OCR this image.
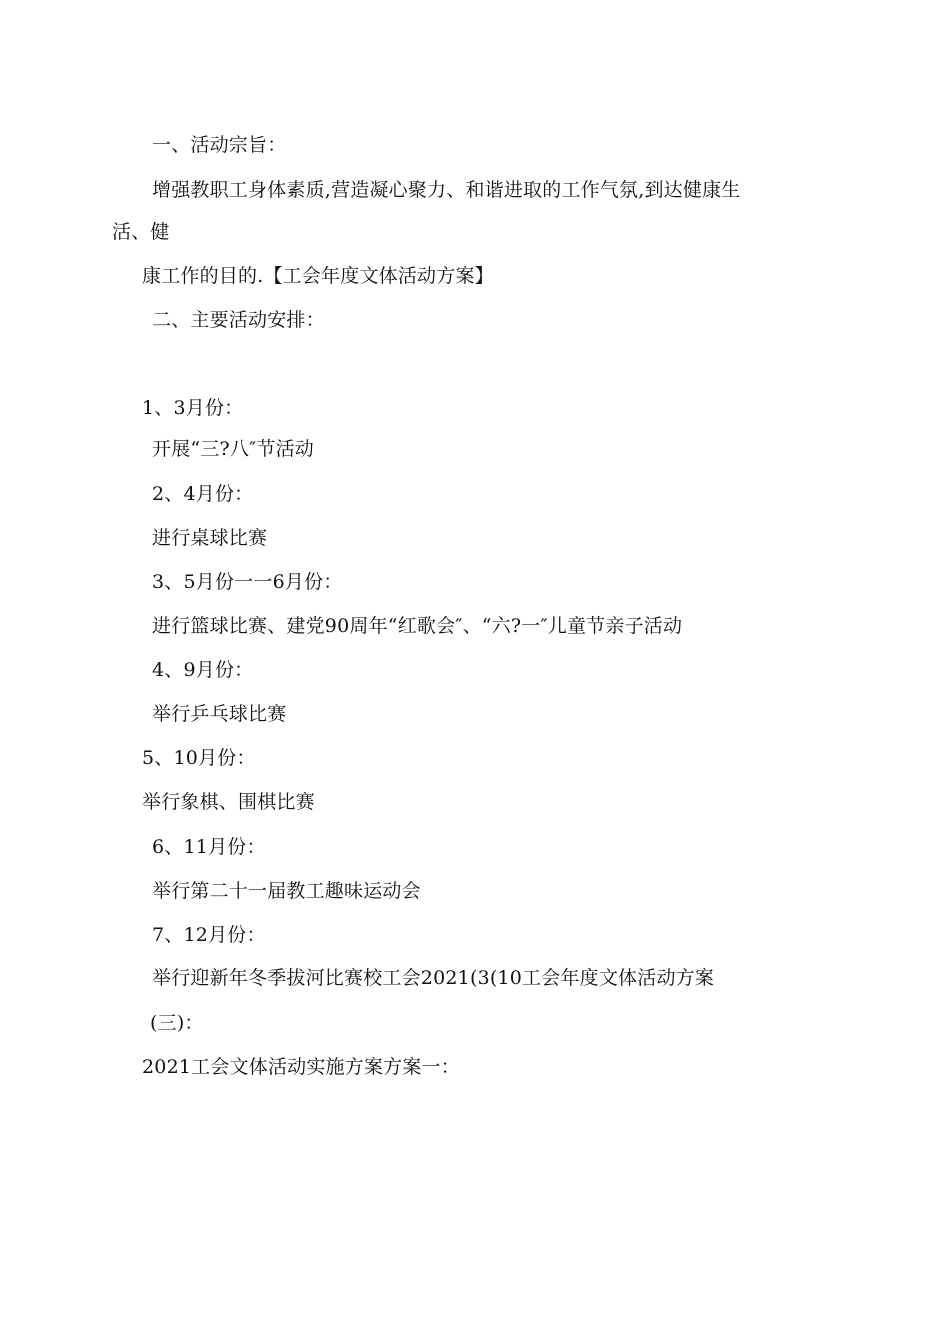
一、活动宗旨：
增强教职工身体素质,营造凝心聚力、和谐进取的工作气氛,到达健康生
活、健
康工作的目的.【工会年度文体活动方案】
二、主要活动安排：
1、3月份：
开展“三?八″节活动
2、4月份：
进行桌球比赛
3、5月份一一6月份：
进行篮球比赛、建党90周年“红歌会″、“六?一″儿童节亲子活动
4、9月份：
举行乒乓球比赛
5、10月份：
举行象棋、围棋比赛
6、11月份：
举行第二十一届教工趣味运动会
7、12月份：
举行迎新年冬季拔河比赛校工会2021(3(10工会年度文体活动方案
(三)：
2021工会文体活动实施方案方案一：
